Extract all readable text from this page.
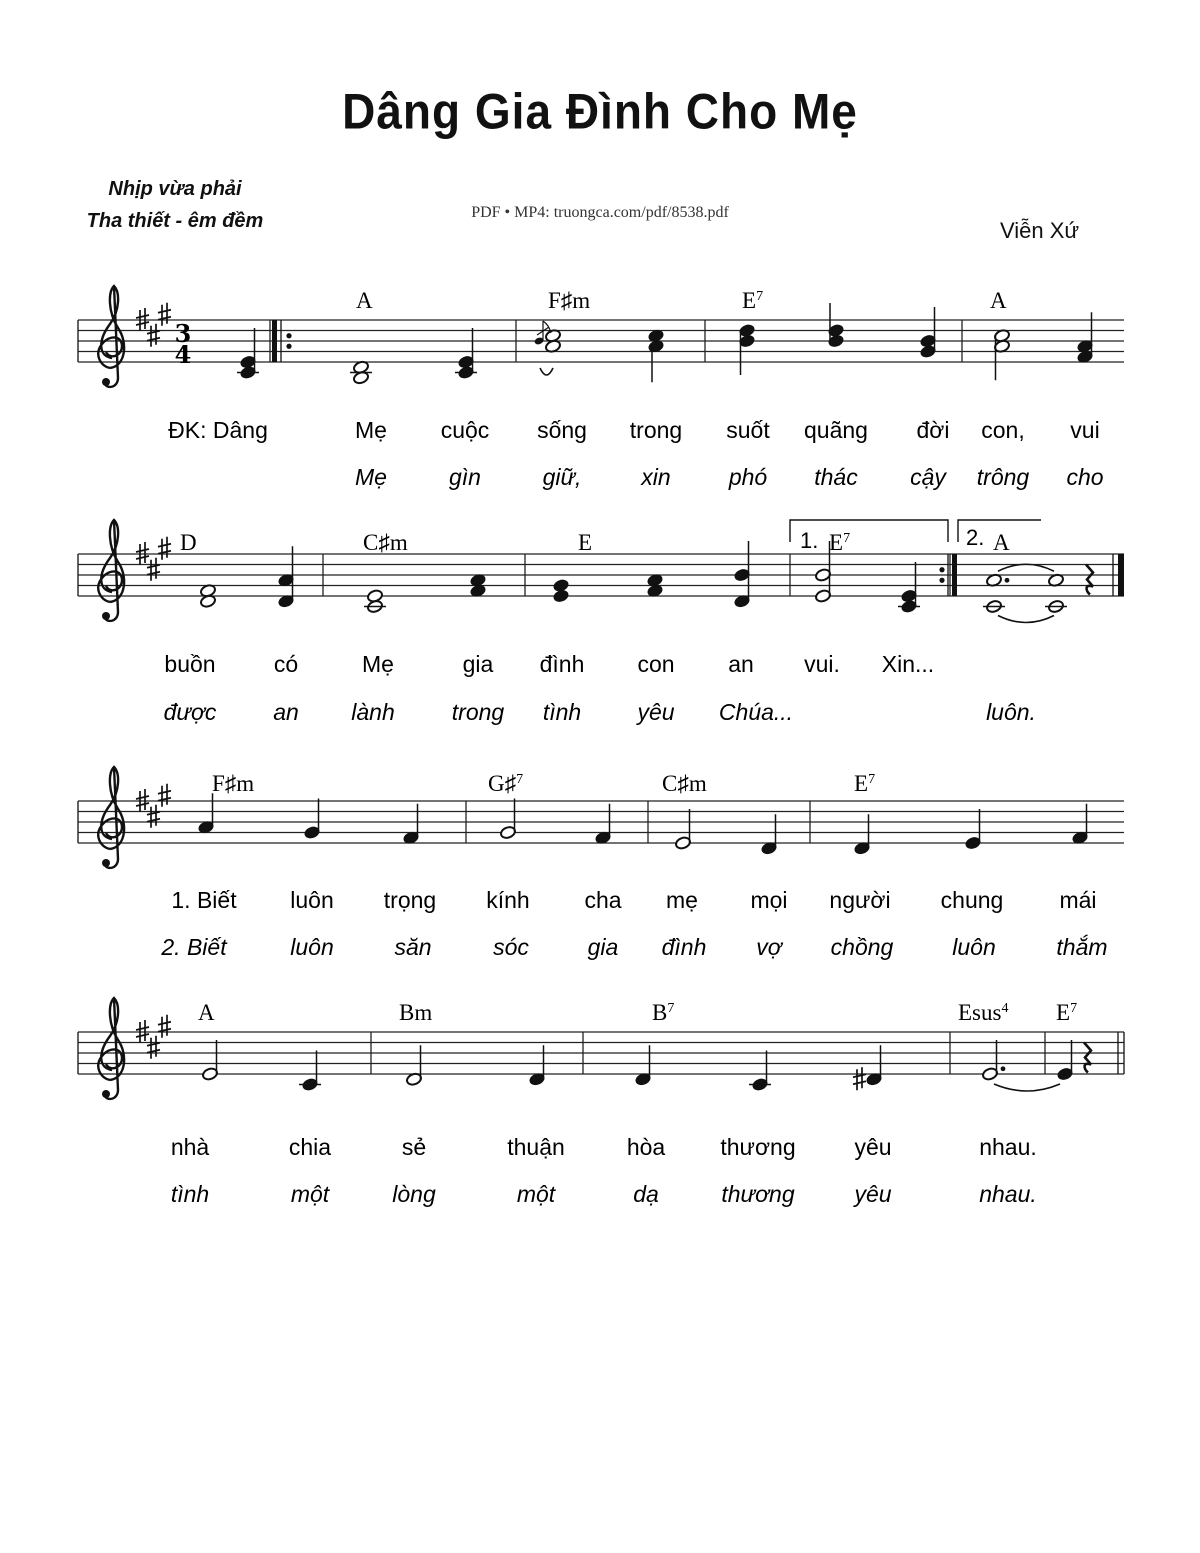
Dâng Gia Đình Cho Mẹ
Nhịp vừa phải
Tha thiết - êm đềm	PDF • MP4: truongca.com/pdf/8538.pdf
Viễn Xứ
3
4
A	F♯m	$E^7$	A
ĐK: Dâng	Mẹ cuộc sống trong suốt quãng đời con, vui
Mẹ	gìn	giữ,	xin	phó thác cậy trông cho
1.	2.
D	C♯m	E	$E^7$	A
buồn	có	Mẹ	gia đình con an vui. Xin...
được an lành trong tình yêu Chúa...	luôn.
F♯m	G♯$^7$	C♯m	$E^7$
1. Biết luôn trọng kính cha mẹ mọi người chung mái
2. Biết	luôn	săn	sóc	gia đình vợ chồng	luôn	thắm
A	Bm	$B^7$	Esus$^4$ $E^7$
nhà	chia	sẻ	thuận	hòa thương	yêu	nhau.
tình	một	lòng	một	dạ	thương	yêu	nhau.
